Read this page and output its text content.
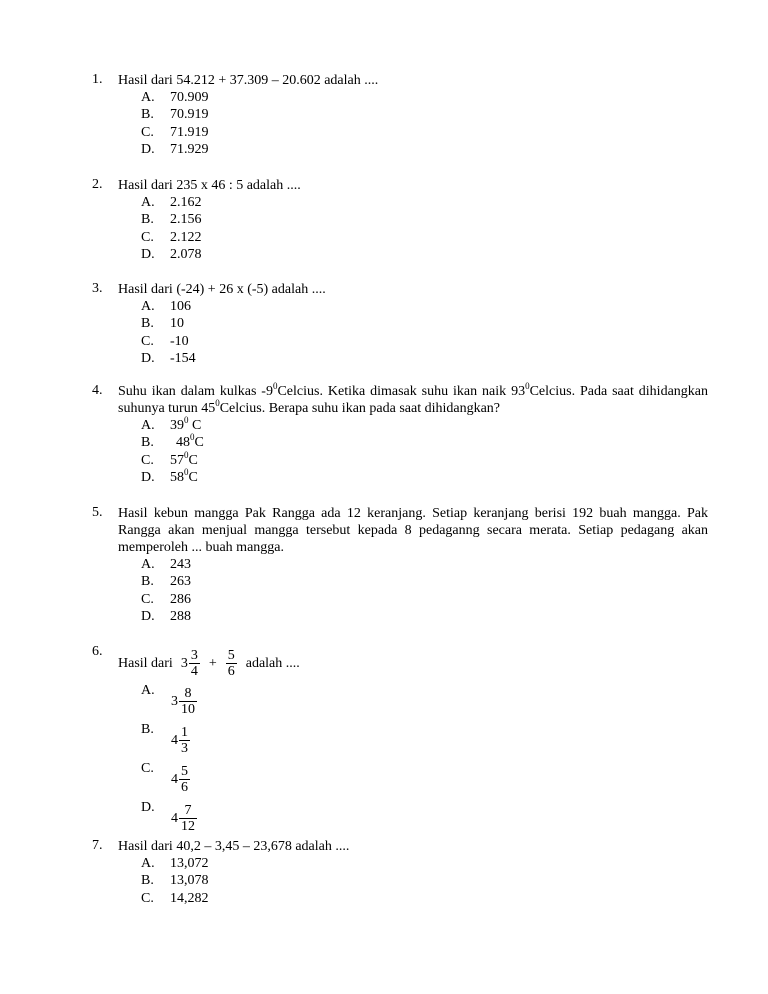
1.	Hasil dari 54.212 + 37.309 – 20.602 adalah ....
A. 70.909
B. 70.919
C. 71.919
D. 71.929
2.	Hasil dari 235 x 46 : 5 adalah ....
A. 2.162
B. 2.156
C. 2.122
D. 2.078
3.	Hasil dari (-24) + 26 x (-5) adalah ....
A. 106
B. 10
C. -10
D. -154
4.	Suhu ikan dalam kulkas $-9^0Celcius$. Ketika dimasak suhu ikan naik $93^0Celcius$. Pada saat dihidangkan suhunya turun $45^0Celcius$. Berapa suhu ikan pada saat dihidangkan?
A. $39^0$ C
B. $48^0C$
C. $57^0C$
D. $58^0C$
5.	Hasil kebun mangga Pak Rangga ada 12 keranjang. Setiap keranjang berisi 192 buah mangga. Pak Rangga akan menjual mangga tersebut kepada 8 pedaganng secara merata. Setiap pedagang akan memperoleh ... buah mangga.
A. 243
B. 263
C. 286
D. 288
6.
Hasil dari $3 \frac{3}{4} + \frac{5}{6}$ adalah ....
A.
$3 \frac{8}{10}$
B.
$4 \frac{1}{3}$
C.
$4 \frac{5}{6}$
D.
$4 \frac{7}{12}$
7.	Hasil dari 40,2 – 3,45 – 23,678 adalah ....
A. 13,072
B. 13,078
C. 14,282
